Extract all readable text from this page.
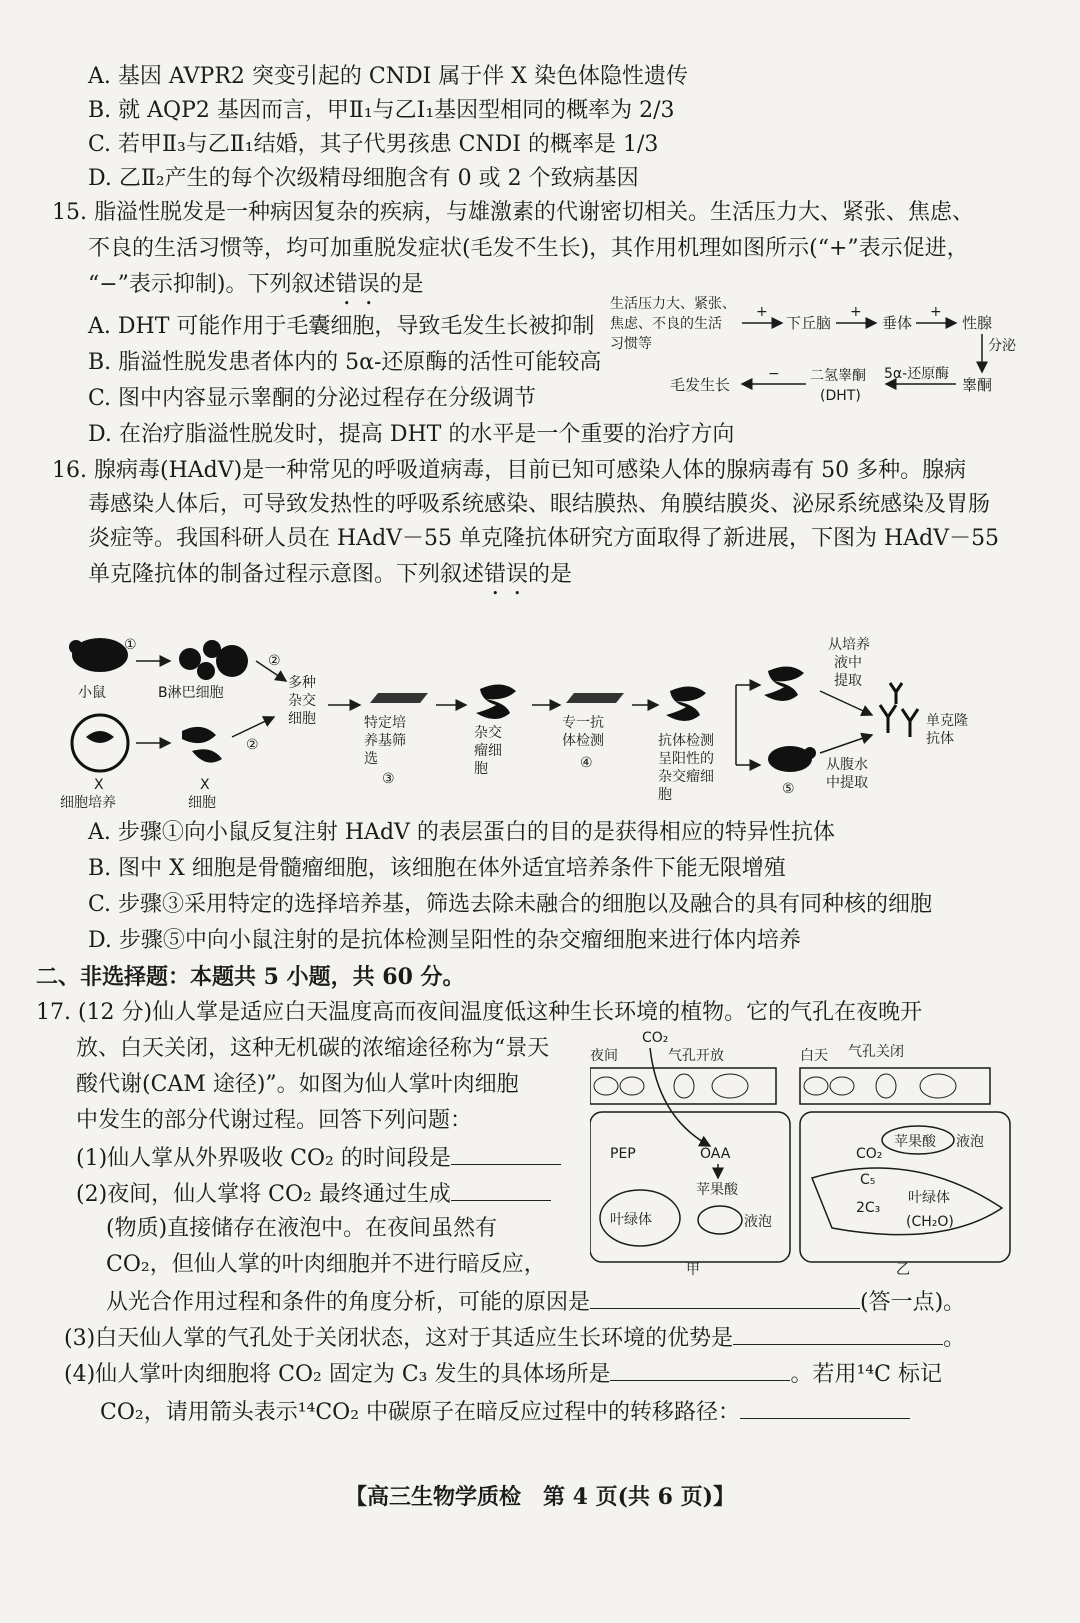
A. 基因 AVPR2 突变引起的 CNDI 属于伴 X 染色体隐性遗传
B. 就 AQP2 基因而言，甲Ⅱ₁与乙Ⅰ₁基因型相同的概率为 2/3
C. 若甲Ⅱ₃与乙Ⅱ₁结婚，其子代男孩患 CNDI 的概率是 1/3
D. 乙Ⅱ₂产生的每个次级精母细胞含有 0 或 2 个致病基因
15. 脂溢性脱发是一种病因复杂的疾病，与雄激素的代谢密切相关。生活压力大、紧张、焦虑、
不良的生活习惯等，均可加重脱发症状(毛发不生长)，其作用机理如图所示(“+”表示促进，
“−”表示抑制)。下列叙述错误的是
A. DHT 可能作用于毛囊细胞，导致毛发生长被抑制
B. 脂溢性脱发患者体内的 5α-还原酶的活性可能较高
C. 图中内容显示睾酮的分泌过程存在分级调节
D. 在治疗脂溢性脱发时，提高 DHT 的水平是一个重要的治疗方向
生活压力大、紧张、
焦虑、不良的生活
习惯等
+
下丘脑
+
垂体
+
性腺
分泌
睾酮
5α-还原酶
二氢睾酮
(DHT)
−
毛发生长
16. 腺病毒(HAdV)是一种常见的呼吸道病毒，目前已知可感染人体的腺病毒有 50 多种。腺病
毒感染人体后，可导致发热性的呼吸系统感染、眼结膜热、角膜结膜炎、泌尿系统感染及胃肠
炎症等。我国科研人员在 HAdV－55 单克隆抗体研究方面取得了新进展，下图为 HAdV－55
单克隆抗体的制备过程示意图。下列叙述错误的是
①
小鼠	B淋巴细胞
②
X
细胞培养
X
细胞
②
多种
杂交
细胞	特定培
养基筛
选
③
杂交
瘤细
胞
专一抗
体检测
④
抗体检测
呈阳性的
杂交瘤细
胞	⑤
从培养
液中
提取
从腹水
中提取
单克隆
抗体
A. 步骤①向小鼠反复注射 HAdV 的表层蛋白的目的是获得相应的特异性抗体
B. 图中 X 细胞是骨髓瘤细胞，该细胞在体外适宜培养条件下能无限增殖
C. 步骤③采用特定的选择培养基，筛选去除未融合的细胞以及融合的具有同种核的细胞
D. 步骤⑤中向小鼠注射的是抗体检测呈阳性的杂交瘤细胞来进行体内培养
二、非选择题：本题共 5 小题，共 60 分。
17. (12 分)仙人掌是适应白天温度高而夜间温度低这种生长环境的植物。它的气孔在夜晚开
放、白天关闭，这种无机碳的浓缩途径称为“景天
酸代谢(CAM 途径)”。如图为仙人掌叶肉细胞
中发生的部分代谢过程。回答下列问题：
(1)仙人掌从外界吸收 CO₂ 的时间段是
(2)夜间，仙人掌将 CO₂ 最终通过生成
(物质)直接储存在液泡中。在夜间虽然有
CO₂，但仙人掌的叶肉细胞并不进行暗反应，
从光合作用过程和条件的角度分析，可能的原因是	(答一点)。
(3)白天仙人掌的气孔处于关闭状态，这对于其适应生长环境的优势是	。
(4)仙人掌叶肉细胞将 CO₂ 固定为 C₃ 发生的具体场所是	。若用¹⁴C 标记
CO₂，请用箭头表示¹⁴CO₂ 中碳原子在暗反应过程中的转移路径：
夜间
CO₂
气孔开放
PEP	OAA
苹果酸
叶绿体	液泡
甲
白天 气孔关闭
苹果酸 液泡
CO₂
C₅
2C₃
叶绿体
(CH₂O)
乙
【高三生物学质检　第 4 页(共 6 页)】
